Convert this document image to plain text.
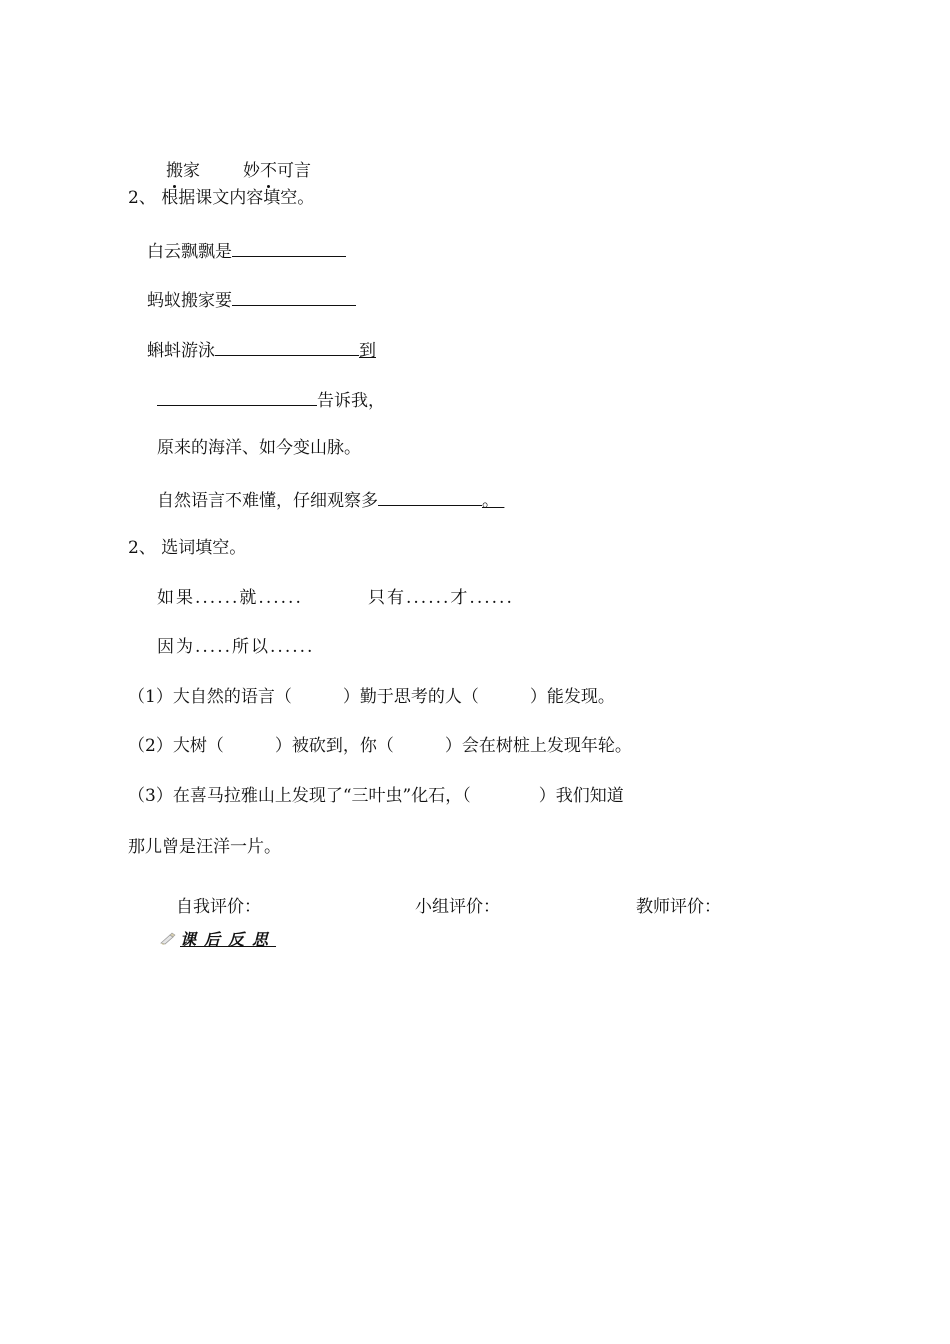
搬家	妙不可言
2、 根据课文内容填空。
白云飘飘是
蚂蚁搬家要
蝌蚪游泳	到
告诉我，
原来的海洋、如今变山脉。
自然语言不难懂，仔细观察多	。
2、 选词填空。
如果......就......	只有......才......
因为.....所以......
（1）大自然的语言（　　　）勤于思考的人（　　　）能发现。
（2）大树（　　　）被砍到，你（　　　）会在树桩上发现年轮。
（3）在喜马拉雅山上发现了“三叶虫”化石，（　　　　）我们知道
那儿曾是汪洋一片。
自我评价：	小组评价：	教师评价：
课后反思
